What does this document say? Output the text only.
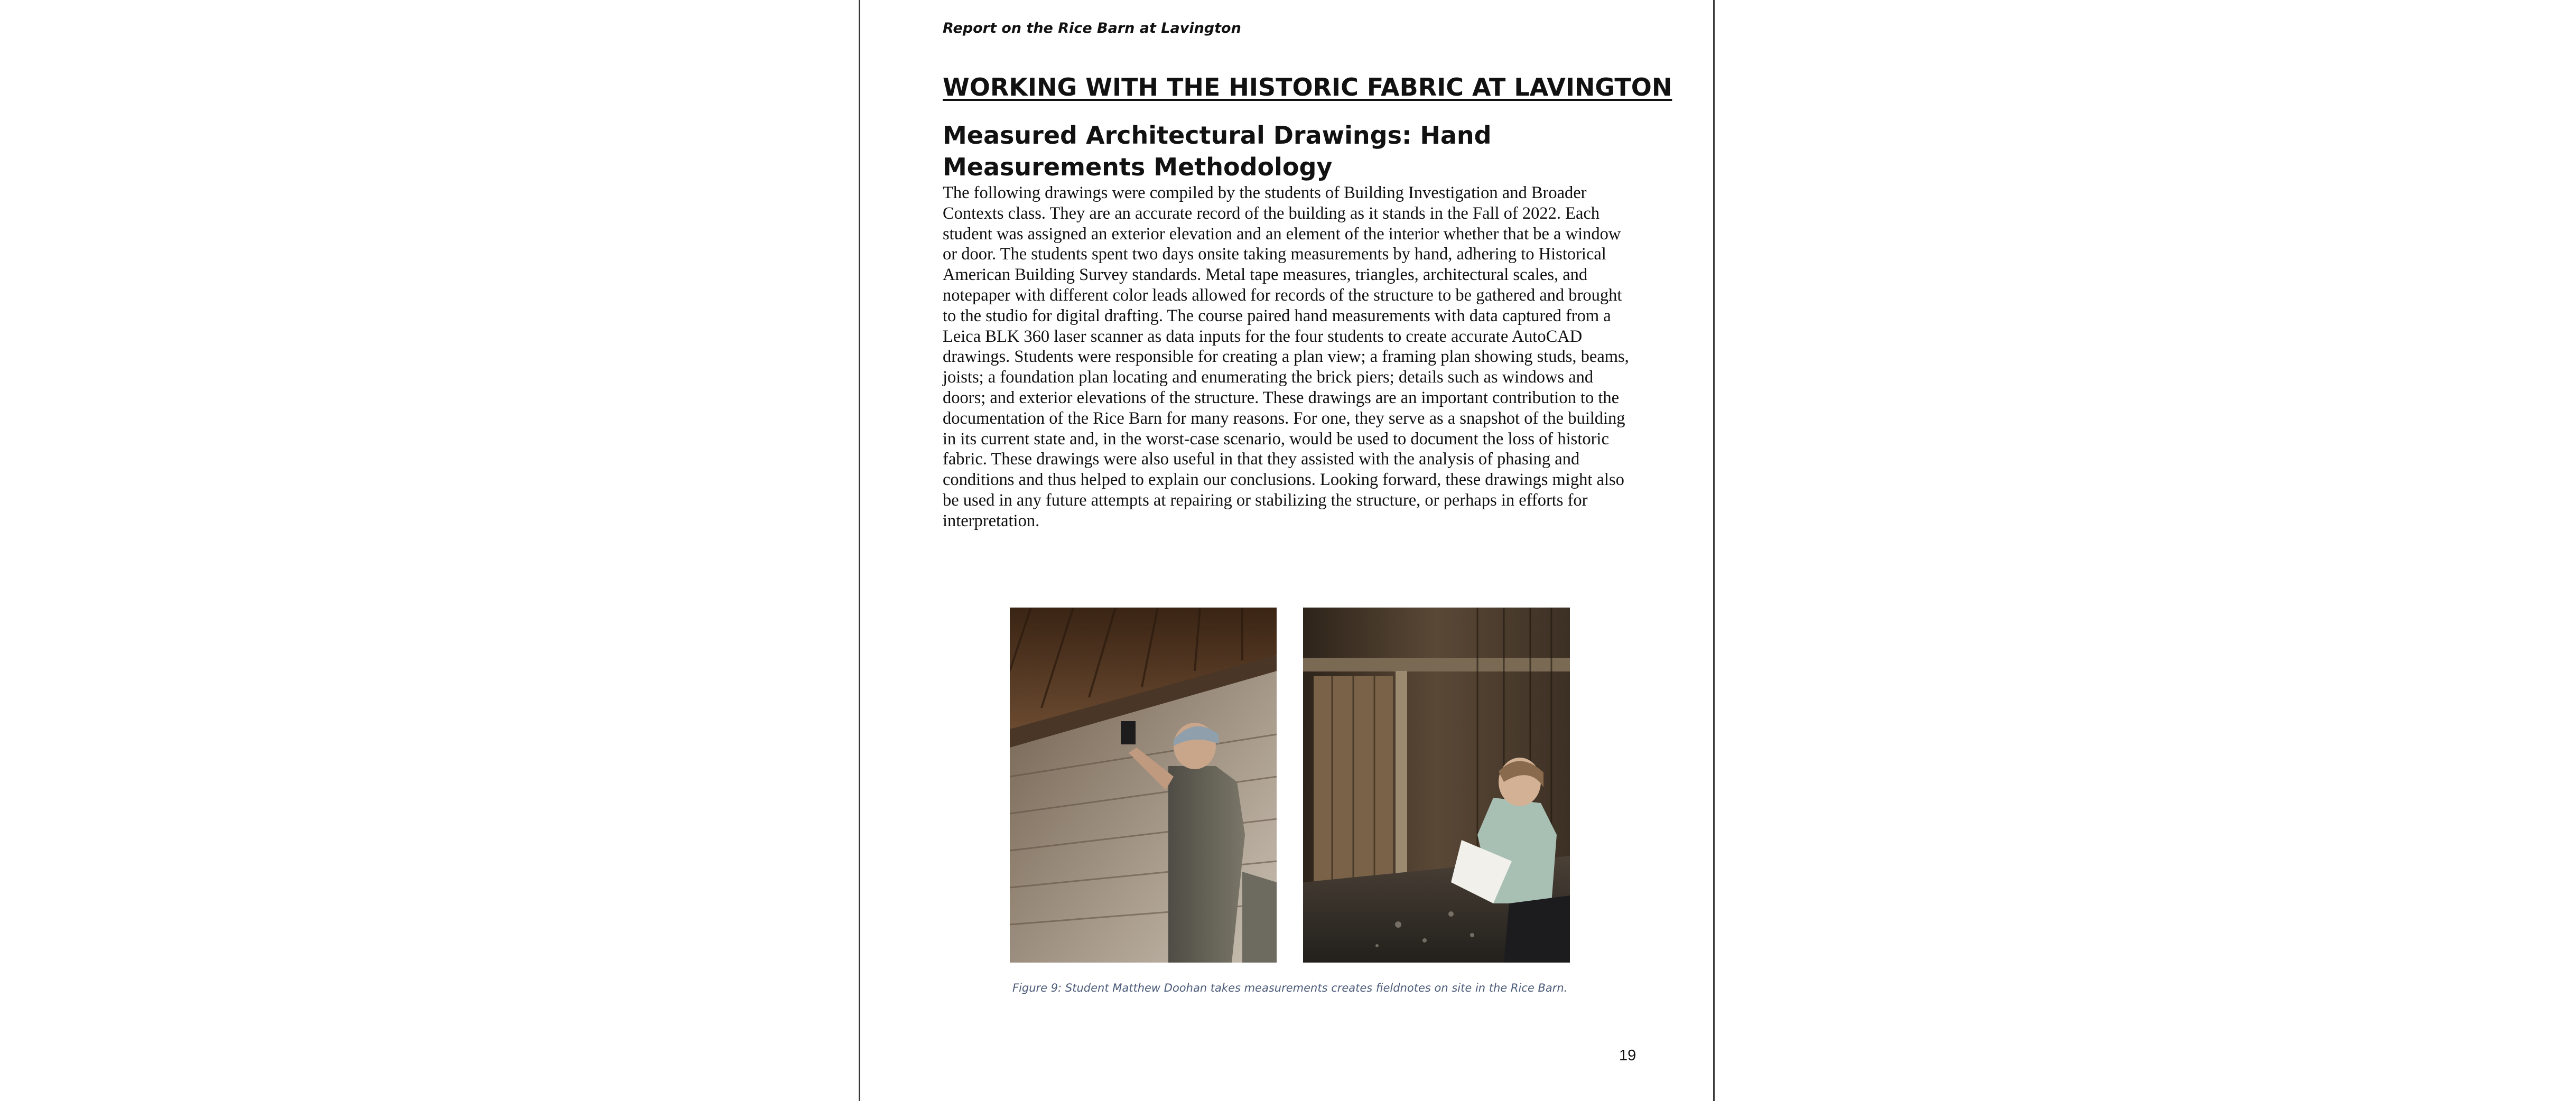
Report on the Rice Barn at Lavington

WORKING WITH THE HISTORIC FABRIC AT LAVINGTON
Measured Architectural Drawings: Hand Measurements Methodology

The following drawings were compiled by the students of Building Investigation and Broader Contexts class. They are an accurate record of the building as it stands in the Fall of 2022. Each student was assigned an exterior elevation and an element of the interior whether that be a window or door. The students spent two days onsite taking measurements by hand, adhering to Historical American Building Survey standards. Metal tape measures, triangles, architectural scales, and notepaper with different color leads allowed for records of the structure to be gathered and brought to the studio for digital drafting. The course paired hand measurements with data captured from a Leica BLK 360 laser scanner as data inputs for the four students to create accurate AutoCAD drawings. Students were responsible for creating a plan view; a framing plan showing studs, beams, joists; a foundation plan locating and enumerating the brick piers; details such as windows and doors; and exterior elevations of the structure. These drawings are an important contribution to the documentation of the Rice Barn for many reasons. For one, they serve as a snapshot of the building in its current state and, in the worst-case scenario, would be used to document the loss of historic fabric. These drawings were also useful in that they assisted with the analysis of phasing and conditions and thus helped to explain our conclusions. Looking forward, these drawings might also be used in any future attempts at repairing or stabilizing the structure, or perhaps in efforts for interpretation.

Figure 9: Student Matthew Doohan takes measurements creates fieldnotes on site in the Rice Barn.

19
